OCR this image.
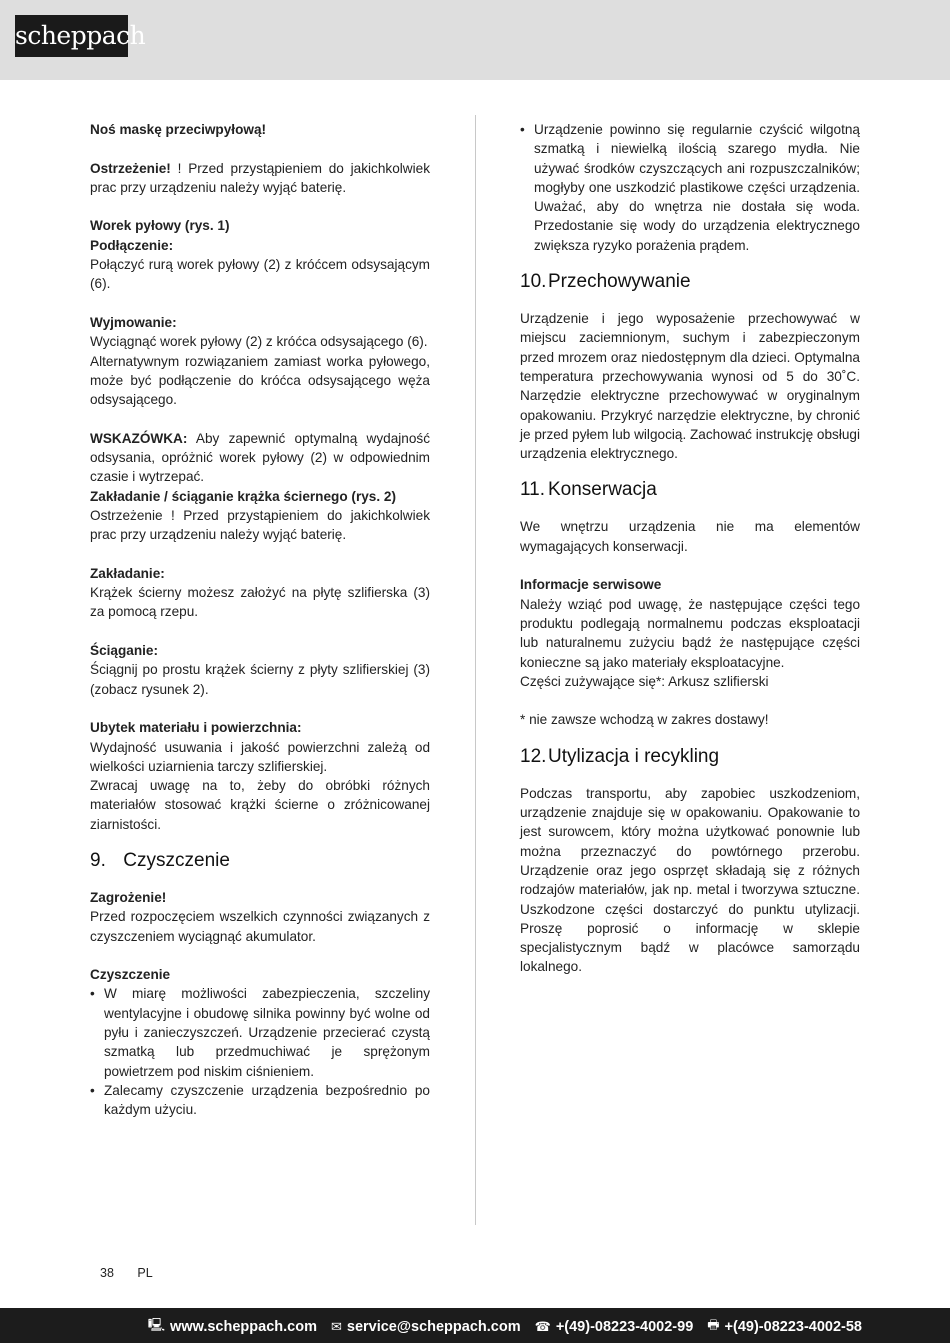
scheppach

Noś maskę przeciwpyłową!

Ostrzeżenie! ! Przed przystąpieniem do jakichkolwiek prac przy urządzeniu należy wyjąć baterię.

Worek pyłowy (rys. 1)

Podłączenie:

Połączyć rurą worek pyłowy (2) z króćcem odsysającym (6).

Wyjmowanie:

Wyciągnąć worek pyłowy (2) z króćca odsysającego (6).

Alternatywnym rozwiązaniem zamiast worka pyłowego, może być podłączenie do króćca odsysającego węża odsysającego.

WSKAZÓWKA: Aby zapewnić optymalną wydajność odsysania, opróżnić worek pyłowy (2) w odpowiednim czasie i wytrzepać.

Zakładanie / ściąganie krążka ściernego (rys. 2)

Ostrzeżenie ! Przed przystąpieniem do jakichkolwiek prac przy urządzeniu należy wyjąć baterię.

Zakładanie:

Krążek ścierny możesz założyć na płytę szlifierska (3) za pomocą rzepu.

Ściąganie:

Ściągnij po prostu krążek ścierny z płyty szlifierskiej (3) (zobacz rysunek 2).

Ubytek materiału i powierzchnia:

Wydajność usuwania i jakość powierzchni zależą od wielkości uziarnienia tarczy szlifierskiej.

Zwracaj uwagę na to, żeby do obróbki różnych materiałów stosować krążki ścierne o zróżnicowanej ziarnistości.

9. Czyszczenie

Zagrożenie!

Przed rozpoczęciem wszelkich czynności związanych z czyszczeniem wyciągnąć akumulator.

Czyszczenie

• W miarę możliwości zabezpieczenia, szczeliny wentylacyjne i obudowę silnika powinny być wolne od pyłu i zanieczyszczeń. Urządzenie przecierać czystą szmatką lub przedmuchiwać je sprężonym powietrzem pod niskim ciśnieniem.
• Zalecamy czyszczenie urządzenia bezpośrednio po każdym użyciu.
• Urządzenie powinno się regularnie czyścić wilgotną szmatką i niewielką ilością szarego mydła. Nie używać środków czyszczących ani rozpuszczalników; mogłyby one uszkodzić plastikowe części urządzenia. Uważać, aby do wnętrza nie dostała się woda. Przedostanie się wody do urządzenia elektrycznego zwiększa ryzyko porażenia prądem.
10.Przechowywanie

Urządzenie i jego wyposażenie przechowywać w miejscu zaciemnionym, suchym i zabezpieczonym przed mrozem oraz niedostępnym dla dzieci. Optymalna temperatura przechowywania wynosi od 5 do 30˚C. Narzędzie elektryczne przechowywać w oryginalnym opakowaniu. Przykryć narzędzie elektryczne, by chronić je przed pyłem lub wilgocią. Zachować instrukcję obsługi urządzenia elektrycznego.

11. Konserwacja

We wnętrzu urządzenia nie ma elementów wymagających konserwacji.

Informacje serwisowe

Należy wziąć pod uwagę, że następujące części tego produktu podlegają normalnemu podczas eksploatacji lub naturalnemu zużyciu bądź że następujące części konieczne są jako materiały eksploatacyjne.

Części zużywające się*: Arkusz szlifierski

* nie zawsze wchodzą w zakres dostawy!

12.Utylizacja i recykling

Podczas transportu, aby zapobiec uszkodzeniom, urządzenie znajduje się w opakowaniu. Opakowanie to jest surowcem, który można użytkować ponownie lub można przeznaczyć do powtórnego przerobu. Urządzenie oraz jego osprzęt składają się z różnych rodzajów materiałów, jak np. metal i tworzywa sztuczne. Uszkodzone części dostarczyć do punktu utylizacji. Proszę poprosić o informację w sklepie specjalistycznym bądź w placówce samorządu lokalnego.

38 PL
🖳 www.scheppach.com ✉ service@scheppach.com ☎ +(49)-08223-4002-99 🖶 +(49)-08223-4002-58
